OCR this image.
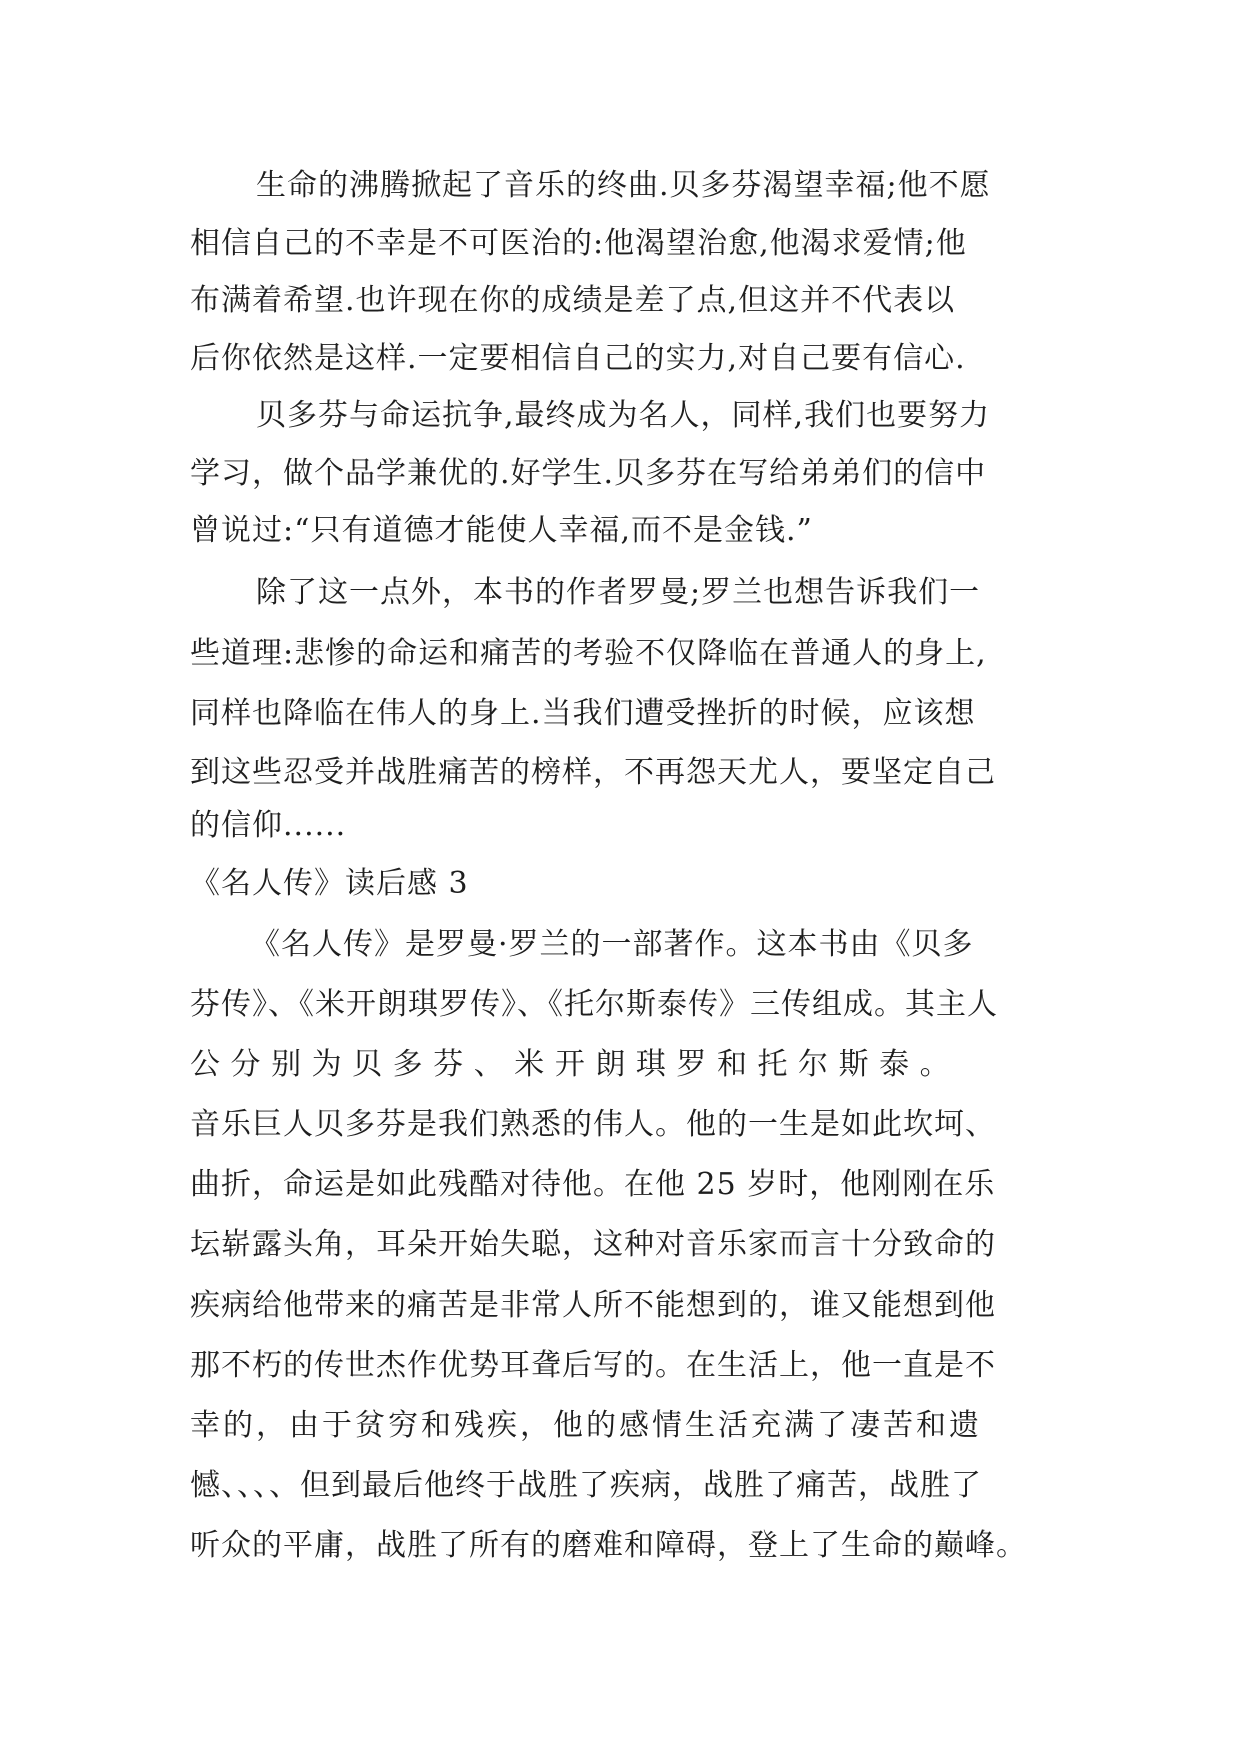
生命的沸腾掀起了音乐的终曲.贝多芬渴望幸福;他不愿
相信自己的不幸是不可医治的:他渴望治愈,他渴求爱情;他
布满着希望.也许现在你的成绩是差了点,但这并不代表以
后你依然是这样.一定要相信自己的实力,对自己要有信心.
贝多芬与命运抗争,最终成为名人，同样,我们也要努力
学习，做个品学兼优的.好学生.贝多芬在写给弟弟们的信中
曾说过:“只有道德才能使人幸福,而不是金钱.”
除了这一点外，本书的作者罗曼;罗兰也想告诉我们一
些道理:悲惨的命运和痛苦的考验不仅降临在普通人的身上,
同样也降临在伟人的身上.当我们遭受挫折的时候，应该想
到这些忍受并战胜痛苦的榜样，不再怨天尤人，要坚定自己
的信仰......
《名人传》读后感 3
《名人传》是罗曼·罗兰的一部著作。这本书由《贝多
芬传》、《米开朗琪罗传》、《托尔斯泰传》三传组成。其主人
公 分 别 为 贝 多 芬 、 米 开 朗 琪 罗 和 托 尔 斯 泰 。
音乐巨人贝多芬是我们熟悉的伟人。他的一生是如此坎坷、
曲折，命运是如此残酷对待他。在他 25 岁时，他刚刚在乐
坛崭露头角，耳朵开始失聪，这种对音乐家而言十分致命的
疾病给他带来的痛苦是非常人所不能想到的，谁又能想到他
那不朽的传世杰作优势耳聋后写的。在生活上，他一直是不
幸的，由于贫穷和残疾，他的感情生活充满了凄苦和遗
憾、、、、但到最后他终于战胜了疾病，战胜了痛苦，战胜了
听众的平庸，战胜了所有的磨难和障碍，登上了生命的巅峰。
